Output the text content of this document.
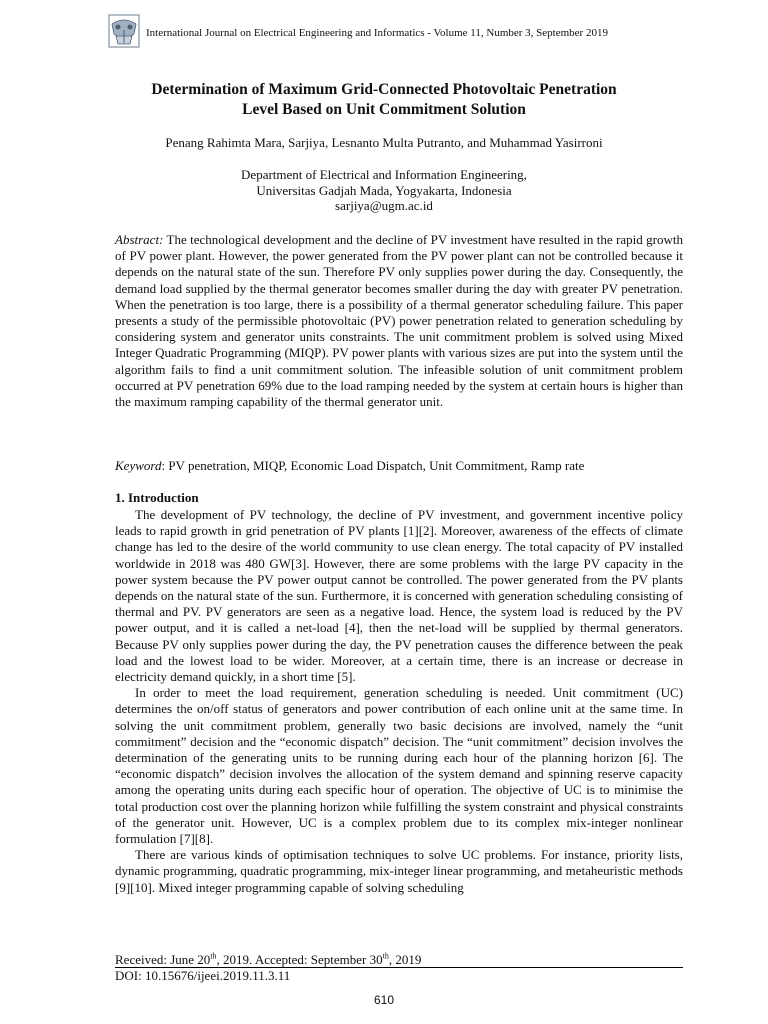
International Journal on Electrical Engineering and Informatics - Volume 11, Number 3, September 2019
Determination of Maximum Grid-Connected Photovoltaic Penetration
Level Based on Unit Commitment Solution
Penang Rahimta Mara, Sarjiya, Lesnanto Multa Putranto, and Muhammad Yasirroni
Department of Electrical and Information Engineering,
Universitas Gadjah Mada, Yogyakarta, Indonesia
sarjiya@ugm.ac.id

Abstract: The technological development and the decline of PV investment have resulted in the rapid growth of PV power plant. However, the power generated from the PV power plant can not be controlled because it depends on the natural state of the sun. Therefore PV only supplies power during the day. Consequently, the demand load supplied by the thermal generator becomes smaller during the day with greater PV penetration. When the penetration is too large, there is a possibility of a thermal generator scheduling failure. This paper presents a study of the permissible photovoltaic (PV) power penetration related to generation scheduling by considering system and generator units constraints. The unit commitment problem is solved using Mixed Integer Quadratic Programming (MIQP). PV power plants with various sizes are put into the system until the algorithm fails to find a unit commitment solution. The infeasible solution of unit commitment problem occurred at PV penetration 69% due to the load ramping needed by the system at certain hours is higher than the maximum ramping capability of the thermal generator unit.

Keyword: PV penetration, MIQP, Economic Load Dispatch, Unit Commitment, Ramp rate

1. Introduction

The development of PV technology, the decline of PV investment, and government incentive policy leads to rapid growth in grid penetration of PV plants [1][2]. Moreover, awareness of the effects of climate change has led to the desire of the world community to use clean energy. The total capacity of PV installed worldwide in 2018 was 480 GW[3]. However, there are some problems with the large PV capacity in the power system because the PV power output cannot be controlled. The power generated from the PV plants depends on the natural state of the sun. Furthermore, it is concerned with generation scheduling consisting of thermal and PV. PV generators are seen as a negative load. Hence, the system load is reduced by the PV power output, and it is called a net-load [4], then the net-load will be supplied by thermal generators. Because PV only supplies power during the day, the PV penetration causes the difference between the peak load and the lowest load to be wider. Moreover, at a certain time, there is an increase or decrease in electricity demand quickly, in a short time [5].

In order to meet the load requirement, generation scheduling is needed. Unit commitment (UC) determines the on/off status of generators and power contribution of each online unit at the same time. In solving the unit commitment problem, generally two basic decisions are involved, namely the “unit commitment” decision and the “economic dispatch” decision. The “unit commitment” decision involves the determination of the generating units to be running during each hour of the planning horizon [6]. The “economic dispatch” decision involves the allocation of the system demand and spinning reserve capacity among the operating units during each specific hour of operation. The objective of UC is to minimise the total production cost over the planning horizon while fulfilling the system constraint and physical constraints of the generator unit. However, UC is a complex problem due to its complex mix-integer nonlinear formulation [7][8].

There are various kinds of optimisation techniques to solve UC problems. For instance, priority lists, dynamic programming, quadratic programming, mix-integer linear programming, and metaheuristic methods [9][10]. Mixed integer programming capable of solving scheduling

Received: June 20th, 2019. Accepted: September 30th, 2019
DOI: 10.15676/ijeei.2019.11.3.11
610
